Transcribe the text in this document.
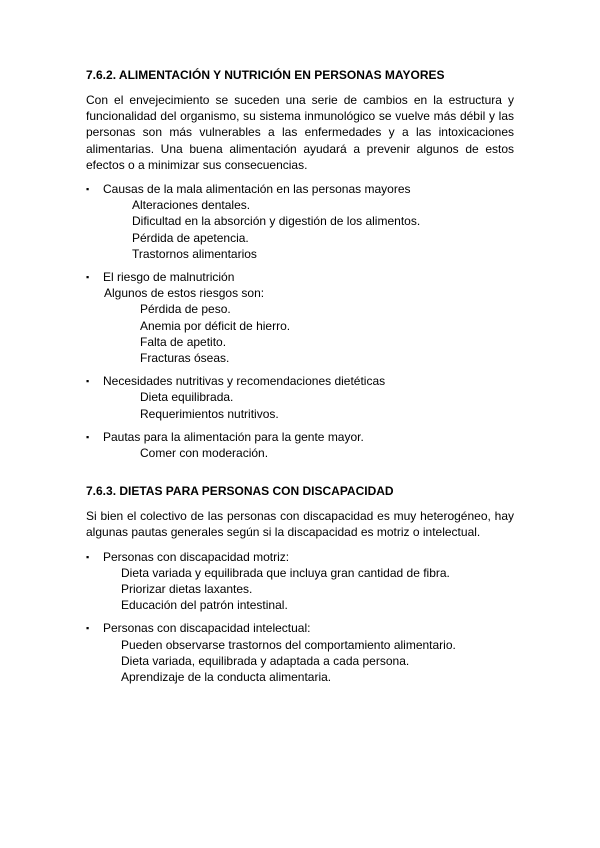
7.6.2. ALIMENTACIÓN Y NUTRICIÓN EN PERSONAS MAYORES

Con el envejecimiento se suceden una serie de cambios en la estructura y funcionalidad del organismo, su sistema inmunológico se vuelve más débil y las personas son más vulnerables a las enfermedades y a las intoxicaciones alimentarias. Una buena alimentación ayudará a prevenir algunos de estos efectos o a minimizar sus consecuencias.

▪ Causas de la mala alimentación en las personas mayores
Alteraciones dentales.
Dificultad en la absorción y digestión de los alimentos.
Pérdida de apetencia.
Trastornos alimentarios
▪ El riesgo de malnutrición
Algunos de estos riesgos son:
Pérdida de peso.
Anemia por déficit de hierro.
Falta de apetito.
Fracturas óseas.
▪ Necesidades nutritivas y recomendaciones dietéticas
Dieta equilibrada.
Requerimientos nutritivos.
▪ Pautas para la alimentación para la gente mayor.
Comer con moderación.
7.6.3. DIETAS PARA PERSONAS CON DISCAPACIDAD

Si bien el colectivo de las personas con discapacidad es muy heterogéneo, hay algunas pautas generales según si la discapacidad es motriz o intelectual.

▪ Personas con discapacidad motriz:
Dieta variada y equilibrada que incluya gran cantidad de fibra.
Priorizar dietas laxantes.
Educación del patrón intestinal.
▪ Personas con discapacidad intelectual:
Pueden observarse trastornos del comportamiento alimentario.
Dieta variada, equilibrada y adaptada a cada persona.
Aprendizaje de la conducta alimentaria.
